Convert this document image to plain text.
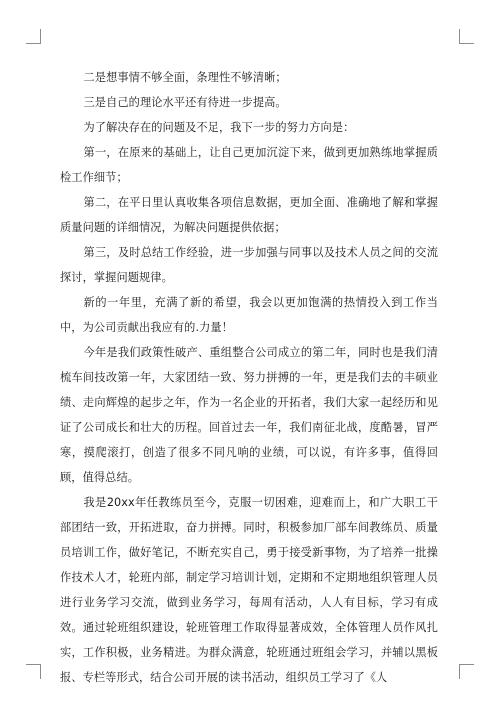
二是想事情不够全面，条理性不够清晰；

三是自己的理论水平还有待进一步提高。

为了解决存在的问题及不足，我下一步的努力方向是：

第一，在原来的基础上，让自己更加沉淀下来，做到更加熟练地掌握质检工作细节；

第二，在平日里认真收集各项信息数据，更加全面、准确地了解和掌握质量问题的详细情况，为解决问题提供依据；

第三，及时总结工作经验，进一步加强与同事以及技术人员之间的交流探讨，掌握问题规律。

新的一年里，充满了新的希望，我会以更加饱满的热情投入到工作当中，为公司贡献出我应有的.力量！

今年是我们政策性破产、重组整合公司成立的第二年，同时也是我们清梳车间技改第一年，大家团结一致、努力拼搏的一年，更是我们去的丰硕业绩、走向辉煌的起步之年，作为一名企业的开拓者，我们大家一起经历和见证了公司成长和壮大的历程。回首过去一年，我们南征北战，度酷暑，冒严寒，摸爬滚打，创造了很多不同凡响的业绩，可以说，有许多事，值得回顾，值得总结。

我是20xx年任教练员至今，克服一切困难，迎难而上，和广大职工干部团结一致，开拓进取，奋力拼搏。同时，积极参加厂部车间教练员、质量员培训工作，做好笔记，不断充实自己，勇于接受新事物，为了培养一批操作技术人才，轮班内部，制定学习培训计划，定期和不定期地组织管理人员进行业务学习交流，做到业务学习，每周有活动，人人有目标，学习有成效。通过轮班组织建设，轮班管理工作取得显著成效，全体管理人员作风扎实，工作积极，业务精进。为群众满意，轮班通过班组会学习，并辅以黑板报、专栏等形式，结合公司开展的读书活动，组织员工学习了《人
